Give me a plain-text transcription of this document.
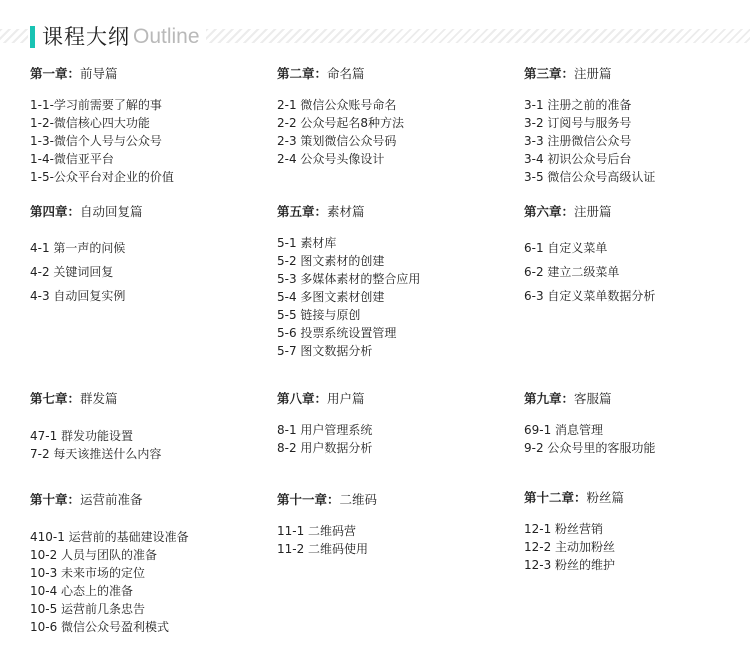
课程大纲 Outline
第一章：前导篇
1-1-学习前需要了解的事
1-2-微信核心四大功能
1-3-微信个人号与公众号
1-4-微信亚平台
1-5-公众平台对企业的价值
第二章：命名篇
2-1 微信公众账号命名
2-2 公众号起名8种方法
2-3 策划微信公众号码
2-4 公众号头像设计
第三章：注册篇
3-1 注册之前的准备
3-2 订阅号与服务号
3-3 注册微信公众号
3-4 初识公众号后台
3-5 微信公众号高级认证
第四章：自动回复篇
4-1 第一声的问候
4-2 关键词回复
4-3 自动回复实例
第五章：素材篇
5-1 素材库
5-2 图文素材的创建
5-3 多媒体素材的整合应用
5-4 多图文素材创建
5-5 链接与原创
5-6 投票系统设置管理
5-7 图文数据分析
第六章：注册篇
6-1 自定义菜单
6-2 建立二级菜单
6-3 自定义菜单数据分析
第七章：群发篇
47-1 群发功能设置
7-2 每天该推送什么内容
第八章：用户篇
8-1 用户管理系统
8-2 用户数据分析
第九章：客服篇
69-1 消息管理
9-2 公众号里的客服功能
第十章：运营前准备
410-1 运营前的基础建设准备
10-2 人员与团队的准备
10-3 未来市场的定位
10-4 心态上的准备
10-5 运营前几条忠告
10-6 微信公众号盈利模式
第十一章：二维码
11-1 二维码营
11-2 二维码使用
第十二章：粉丝篇
12-1 粉丝营销
12-2 主动加粉丝
12-3 粉丝的维护
